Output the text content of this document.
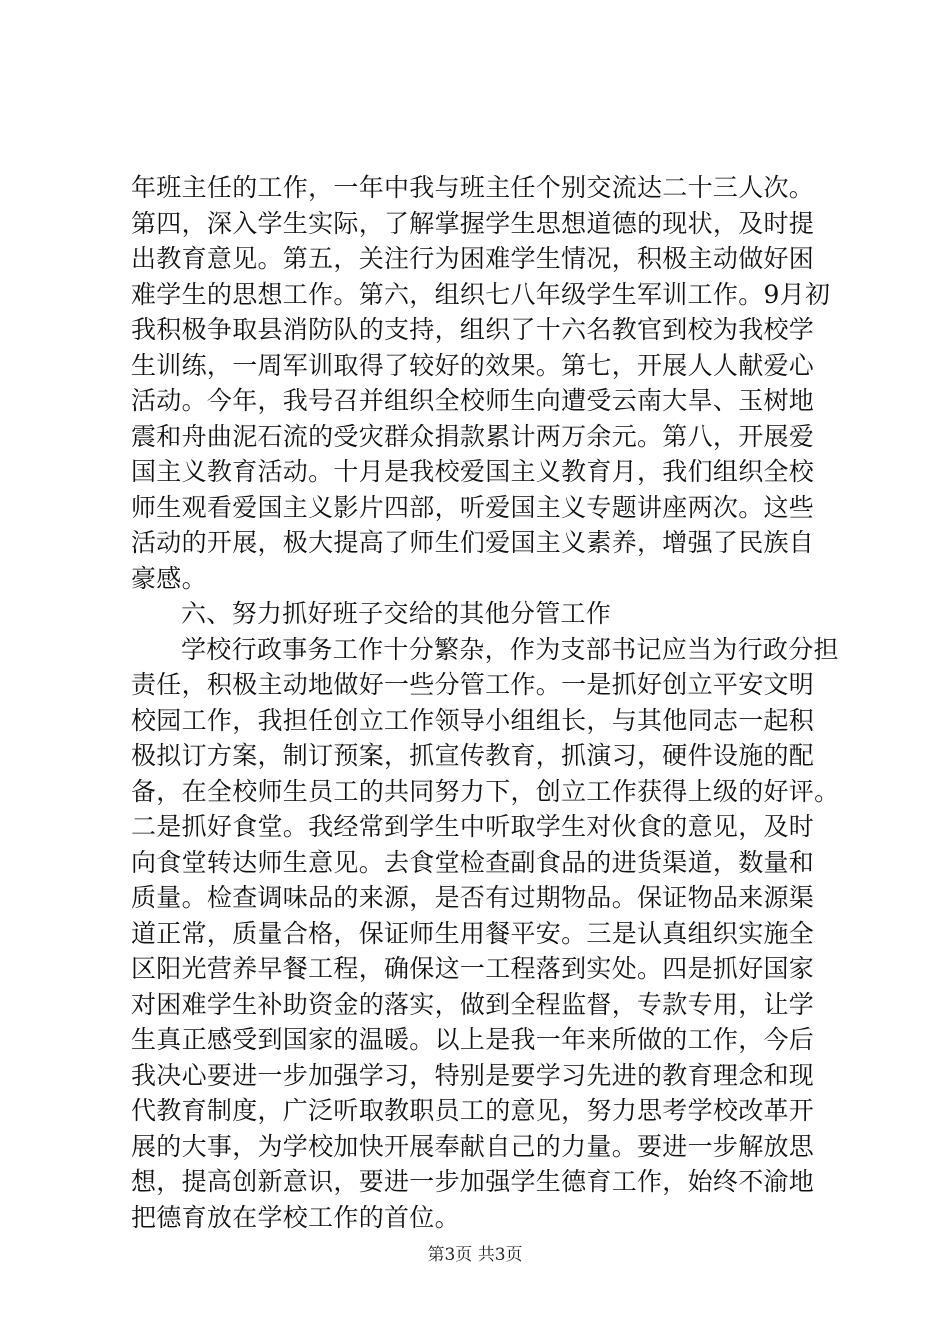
年班主任的工作，一年中我与班主任个别交流达二十三人次。
第四，深入学生实际，了解掌握学生思想道德的现状，及时提
出教育意见。第五，关注行为困难学生情况，积极主动做好困
难学生的思想工作。第六，组织七八年级学生军训工作。9月初
我积极争取县消防队的支持，组织了十六名教官到校为我校学
生训练，一周军训取得了较好的效果。第七，开展人人献爱心
活动。今年，我号召并组织全校师生向遭受云南大旱、玉树地
震和舟曲泥石流的受灾群众捐款累计两万余元。第八，开展爱
国主义教育活动。十月是我校爱国主义教育月，我们组织全校
师生观看爱国主义影片四部，听爱国主义专题讲座两次。这些
活动的开展，极大提高了师生们爱国主义素养，增强了民族自
豪感。
六、努力抓好班子交给的其他分管工作
学校行政事务工作十分繁杂，作为支部书记应当为行政分担
责任，积极主动地做好一些分管工作。一是抓好创立平安文明
校园工作，我担任创立工作领导小组组长，与其他同志一起积
极拟订方案，制订预案，抓宣传教育，抓演习，硬件设施的配
备，在全校师生员工的共同努力下，创立工作获得上级的好评。
二是抓好食堂。我经常到学生中听取学生对伙食的意见，及时
向食堂转达师生意见。去食堂检查副食品的进货渠道，数量和
质量。检查调味品的来源，是否有过期物品。保证物品来源渠
道正常，质量合格，保证师生用餐平安。三是认真组织实施全
区阳光营养早餐工程，确保这一工程落到实处。四是抓好国家
对困难学生补助资金的落实，做到全程监督，专款专用，让学
生真正感受到国家的温暖。以上是我一年来所做的工作，今后
我决心要进一步加强学习，特别是要学习先进的教育理念和现
代教育制度，广泛听取教职员工的意见，努力思考学校改革开
展的大事，为学校加快开展奉献自己的力量。要进一步解放思
想，提高创新意识，要进一步加强学生德育工作，始终不渝地
把德育放在学校工作的首位。
第3页 共3页
